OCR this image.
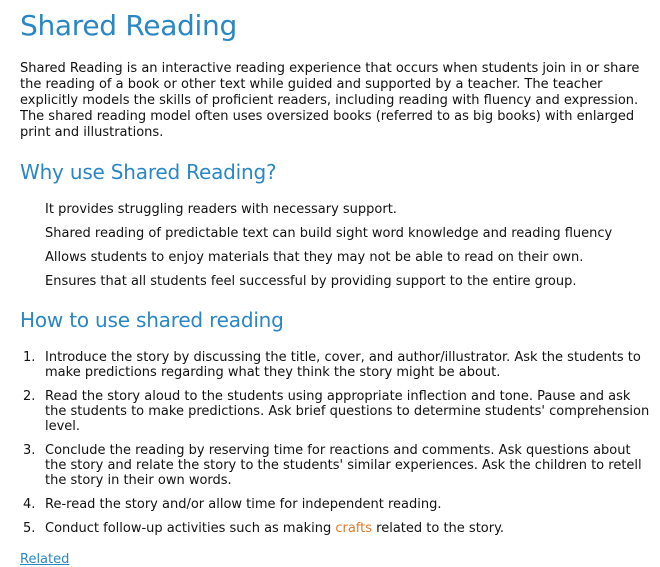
Shared Reading

Shared Reading is an interactive reading experience that occurs when students join in or share the reading of a book or other text while guided and supported by a teacher. The teacher explicitly models the skills of proficient readers, including reading with fluency and expression. The shared reading model often uses oversized books (referred to as big books) with enlarged print and illustrations.

Why use Shared Reading?
It provides struggling readers with necessary support.
Shared reading of predictable text can build sight word knowledge and reading fluency
Allows students to enjoy materials that they may not be able to read on their own.
Ensures that all students feel successful by providing support to the entire group.
How to use shared reading
1. Introduce the story by discussing the title, cover, and author/illustrator. Ask the students to make predictions regarding what they think the story might be about.
2. Read the story aloud to the students using appropriate inflection and tone. Pause and ask the students to make predictions. Ask brief questions to determine students' comprehension level.
3. Conclude the reading by reserving time for reactions and comments. Ask questions about the story and relate the story to the students' similar experiences. Ask the children to retell the story in their own words.
4. Re-read the story and/or allow time for independent reading.
5. Conduct follow-up activities such as making crafts related to the story.
Related
